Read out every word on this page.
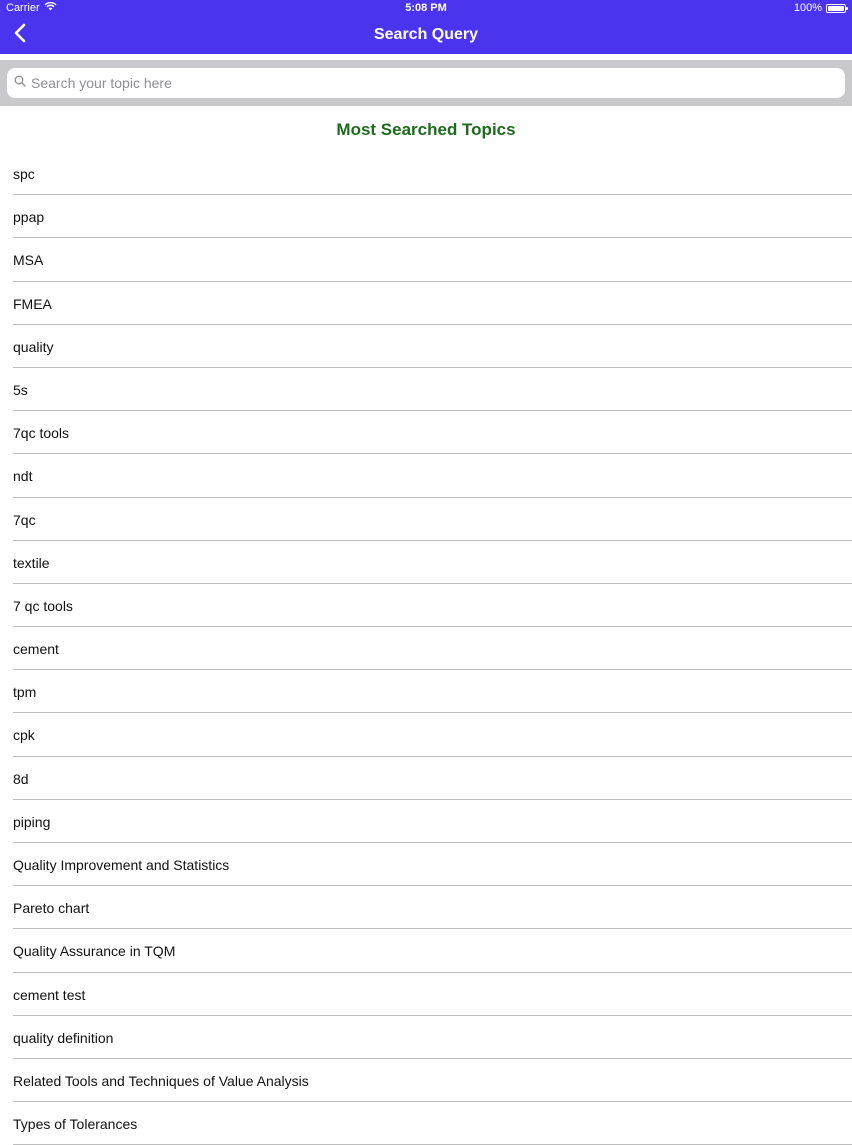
Carrier	5:08 PM	100%
Search Query
Search your topic here
Most Searched Topics
spc
ppap
MSA
FMEA
quality
5s
7qc tools
ndt
7qc
textile
7 qc tools
cement
tpm
cpk
8d
piping
Quality Improvement and Statistics
Pareto chart
Quality Assurance in TQM
cement test
quality definition
Related Tools and Techniques of Value Analysis
Types of Tolerances
